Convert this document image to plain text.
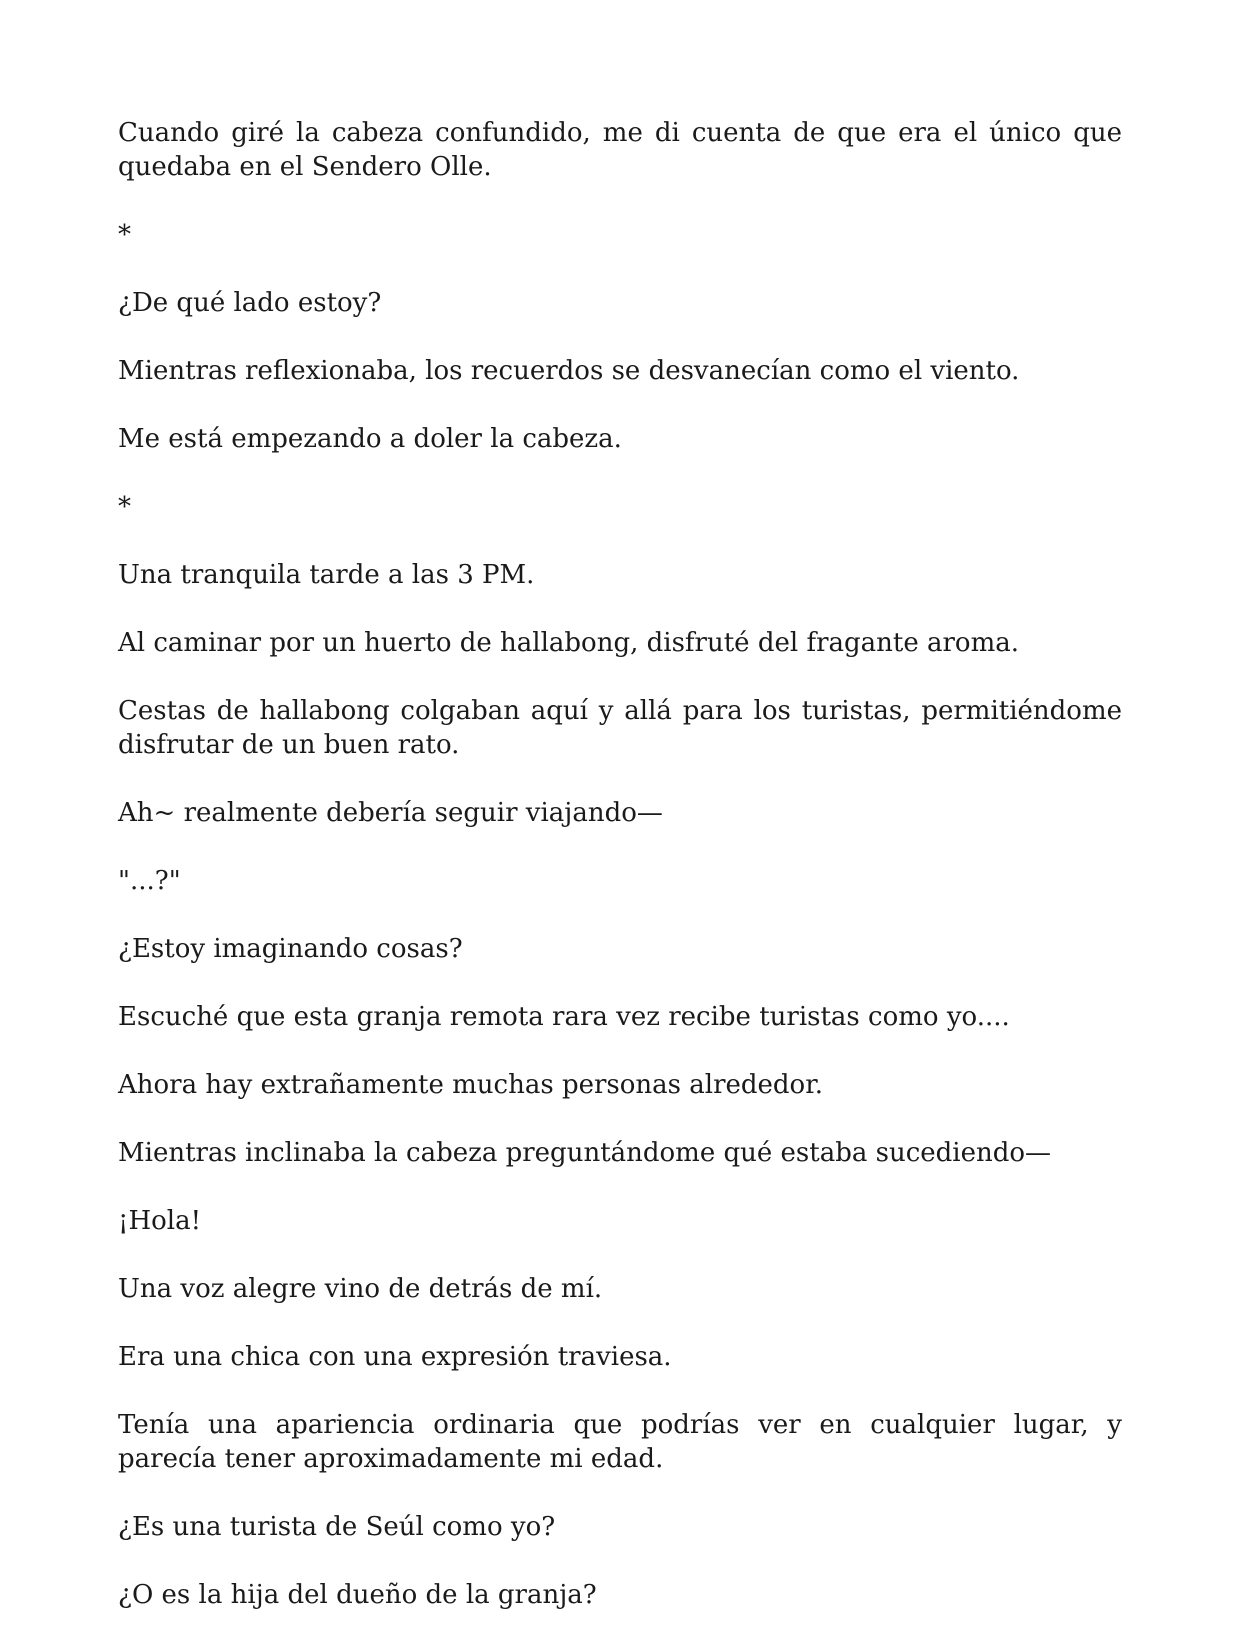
Cuando giré la cabeza confundido, me di cuenta de que era el único que quedaba en el Sendero Olle.

*

¿De qué lado estoy?

Mientras reflexionaba, los recuerdos se desvanecían como el viento.

Me está empezando a doler la cabeza.

*

Una tranquila tarde a las 3 PM.

Al caminar por un huerto de hallabong, disfruté del fragante aroma.

Cestas de hallabong colgaban aquí y allá para los turistas, permitiéndome disfrutar de un buen rato.

Ah~ realmente debería seguir viajando—

"...?"

¿Estoy imaginando cosas?

Escuché que esta granja remota rara vez recibe turistas como yo....

Ahora hay extrañamente muchas personas alrededor.

Mientras inclinaba la cabeza preguntándome qué estaba sucediendo—

¡Hola!

Una voz alegre vino de detrás de mí.

Era una chica con una expresión traviesa.

Tenía una apariencia ordinaria que podrías ver en cualquier lugar, y parecía tener aproximadamente mi edad.

¿Es una turista de Seúl como yo?

¿O es la hija del dueño de la granja?
